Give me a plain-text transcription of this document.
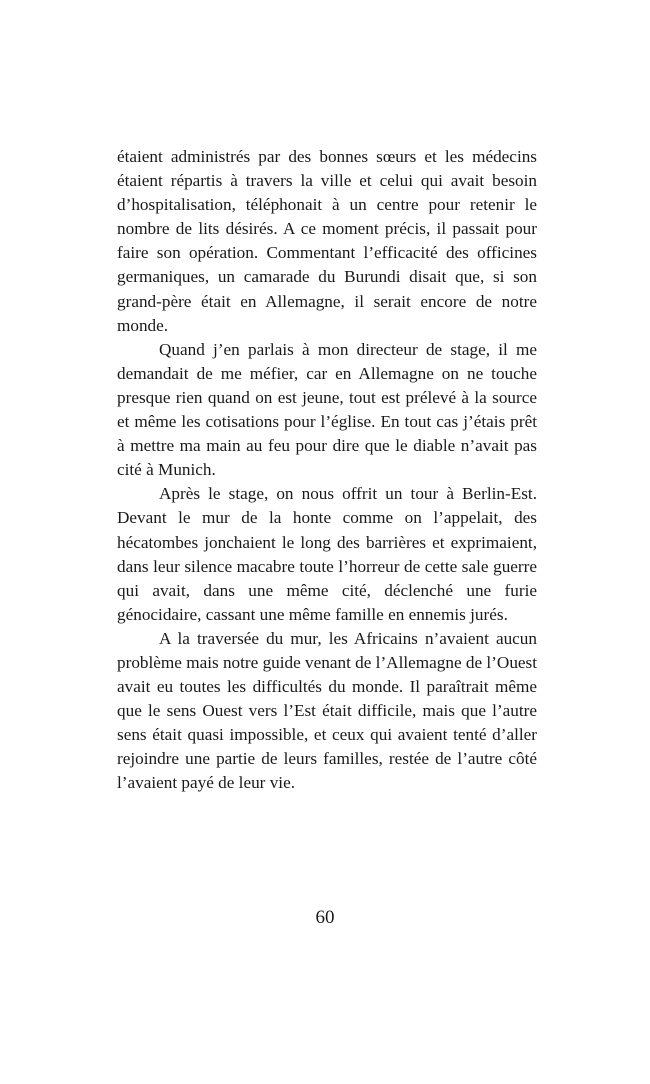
étaient administrés par des bonnes sœurs et les médecins étaient répartis à travers la ville et celui qui avait besoin d’hospitalisation, téléphonait à un centre pour retenir le nombre de lits désirés. A ce moment précis, il passait pour faire son opération. Commentant l’efficacité des officines germaniques, un camarade du Burundi disait que, si son grand-père était en Allemagne, il serait encore de notre monde.

Quand j’en parlais à mon directeur de stage, il me demandait de me méfier, car en Allemagne on ne touche presque rien quand on est jeune, tout est prélevé à la source et même les cotisations pour l’église. En tout cas j’étais prêt à mettre ma main au feu pour dire que le diable n’avait pas cité à Munich.

Après le stage, on nous offrit un tour à Berlin-Est. Devant le mur de la honte comme on l’appelait, des hécatombes jonchaient le long des barrières et exprimaient, dans leur silence macabre toute l’horreur de cette sale guerre qui avait, dans une même cité, déclenché une furie génocidaire, cassant une même famille en ennemis jurés.

A la traversée du mur, les Africains n’avaient aucun problème mais notre guide venant de l’Allemagne de l’Ouest avait eu toutes les difficultés du monde. Il paraîtrait même que le sens Ouest vers l’Est était difficile, mais que l’autre sens était quasi impossible, et ceux qui avaient tenté d’aller rejoindre une partie de leurs familles, restée de l’autre côté l’avaient payé de leur vie.

60
